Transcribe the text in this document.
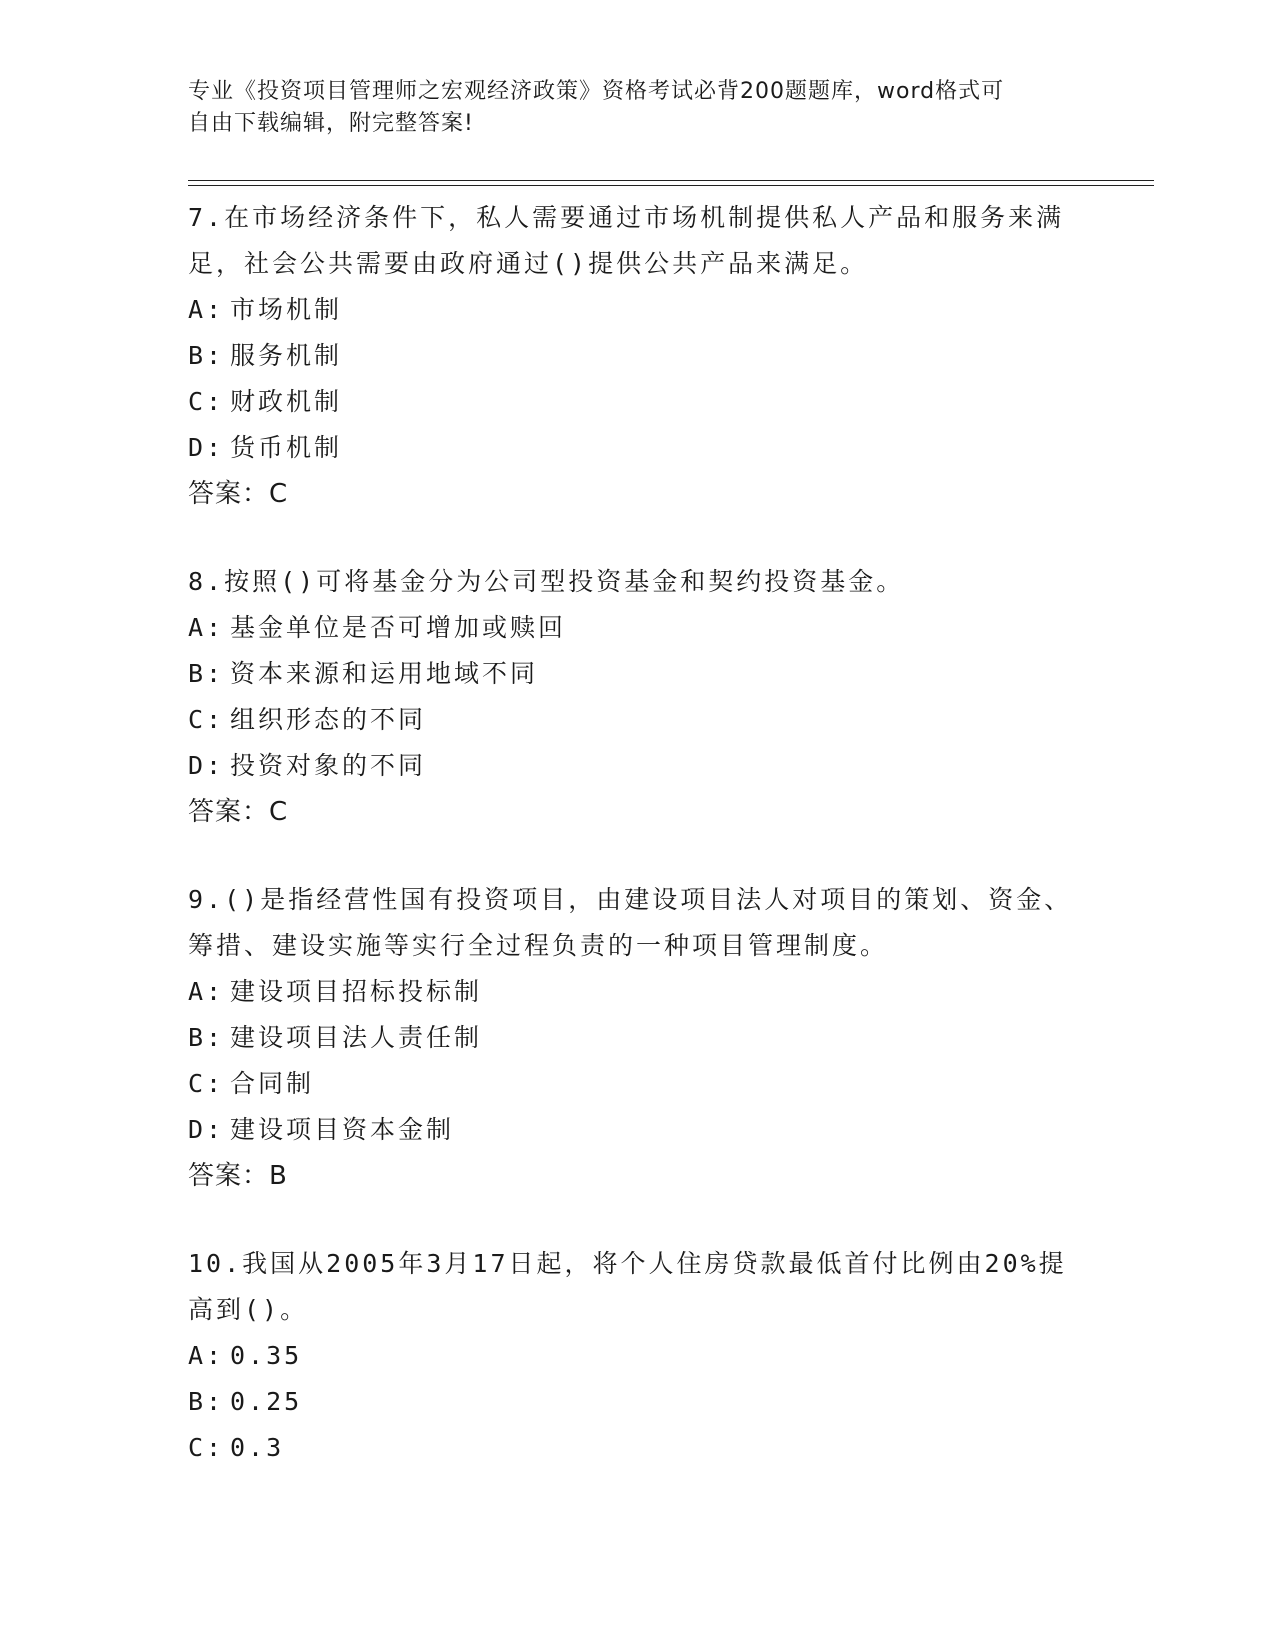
专业《投资项目管理师之宏观经济政策》资格考试必背200题题库，word格式可
自由下载编辑，附完整答案!

7.在市场经济条件下，私人需要通过市场机制提供私人产品和服务来满足，社会公共需要由政府通过()提供公共产品来满足。

A: 市场机制
B: 服务机制
C: 财政机制
D: 货币机制

答案：C

8.按照()可将基金分为公司型投资基金和契约投资基金。

A: 基金单位是否可增加或赎回
B: 资本来源和运用地域不同
C: 组织形态的不同
D: 投资对象的不同

答案：C

9.()是指经营性国有投资项目，由建设项目法人对项目的策划、资金、筹措、建设实施等实行全过程负责的一种项目管理制度。

A: 建设项目招标投标制
B: 建设项目法人责任制
C: 合同制
D: 建设项目资本金制

答案：B

10.我国从2005年3月17日起，将个人住房贷款最低首付比例由20%提高到()。

A: 0.35
B: 0.25
C: 0.3
